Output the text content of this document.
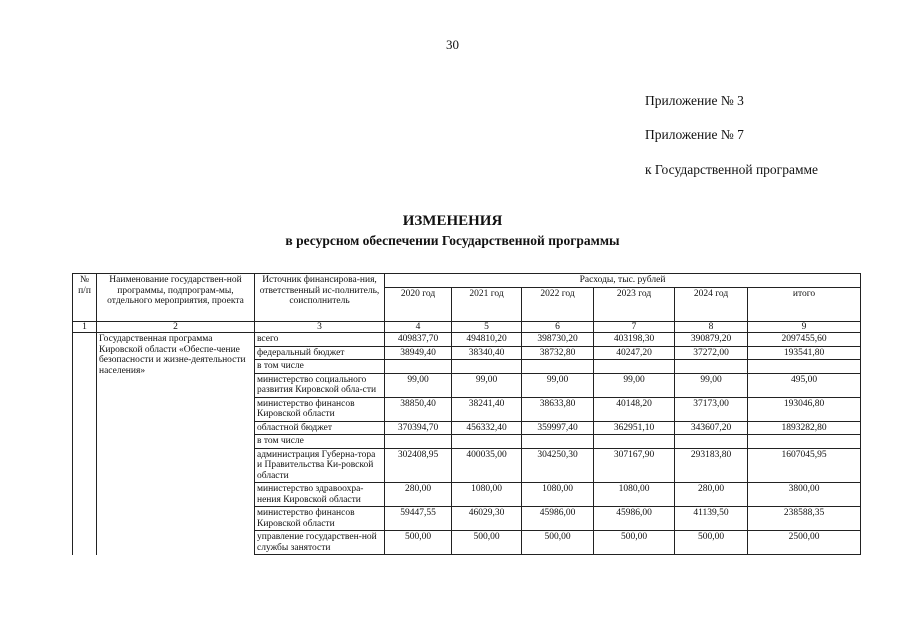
30
Приложение № 3
Приложение № 7
к Государственной программе
ИЗМЕНЕНИЯ
в ресурсном обеспечении Государственной программы
№ п/п	Наименование государствен-ной программы, подпрограм-мы, отдельного мероприятия, проекта	Источник финансирова-ния, ответственный ис-полнитель, соисполнитель	Расходы, тыс. рублей					
			2020 год	2021 год	2022 год	2023 год	2024 год	итого
1	2	3	4	5	6	7	8	9
	Государственная программа Кировской области «Обеспе-чение безопасности и жизне-деятельности населения»	всего	409837,70	494810,20	398730,20	403198,30	390879,20	2097455,60
		федеральный бюджет	38949,40	38340,40	38732,80	40247,20	37272,00	193541,80
		в том числе						
		министерство социального развития Кировской обла-сти	99,00	99,00	99,00	99,00	99,00	495,00
		министерство финансов Кировской области	38850,40	38241,40	38633,80	40148,20	37173,00	193046,80
		областной бюджет	370394,70	456332,40	359997,40	362951,10	343607,20	1893282,80
		в том числе						
		администрация Губерна-тора и Правительства Ки-ровской области	302408,95	400035,00	304250,30	307167,90	293183,80	1607045,95
		министерство здравоохра-нения Кировской области	280,00	1080,00	1080,00	1080,00	280,00	3800,00
		министерство финансов Кировской области	59447,55	46029,30	45986,00	45986,00	41139,50	238588,35
		управление государствен-ной службы занятости	500,00	500,00	500,00	500,00	500,00	2500,00
